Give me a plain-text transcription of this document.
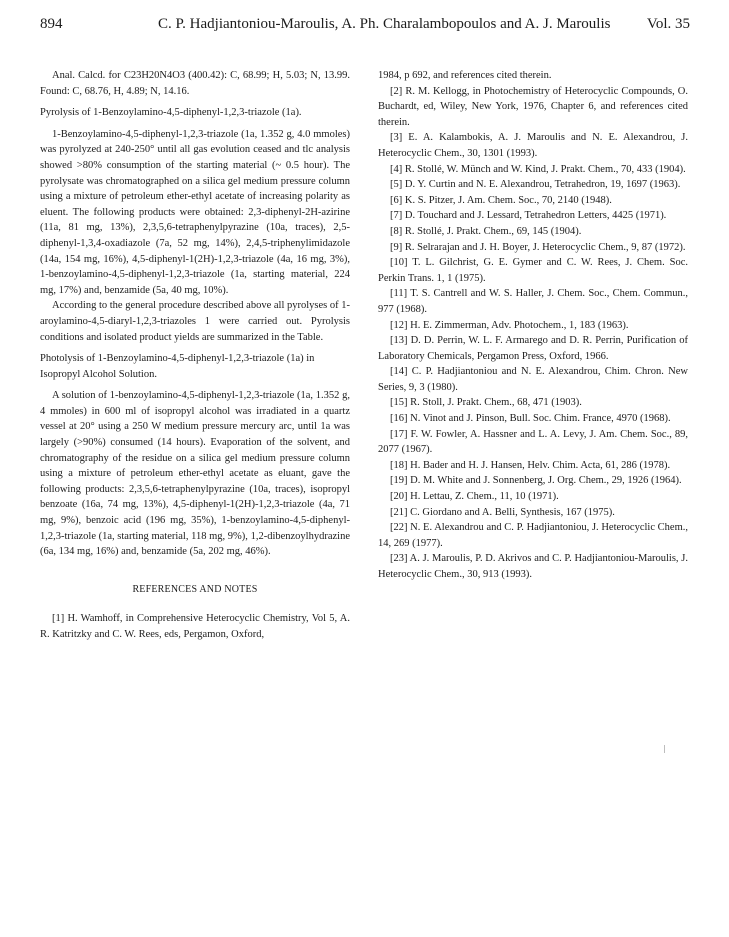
894	C. P. Hadjiantoniou-Maroulis, A. Ph. Charalambopoulos and A. J. Maroulis Vol. 35

Anal. Calcd. for C23H20N4O3 (400.42): C, 68.99; H, 5.03; N, 13.99. Found: C, 68.76, H, 4.89; N, 14.16.

Pyrolysis of 1-Benzoylamino-4,5-diphenyl-1,2,3-triazole (1a).

1-Benzoylamino-4,5-diphenyl-1,2,3-triazole (1a, 1.352 g, 4.0 mmoles) was pyrolyzed at 240-250° until all gas evolution ceased and tlc analysis showed >80% consumption of the starting material (~ 0.5 hour). The pyrolysate was chromatographed on a silica gel medium pressure column using a mixture of petroleum ether-ethyl acetate of increasing polarity as eluent. The following products were obtained: 2,3-diphenyl-2H-azirine (11a, 81 mg, 13%), 2,3,5,6-tetraphenylpyrazine (10a, traces), 2,5-diphenyl-1,3,4-oxadiazole (7a, 52 mg, 14%), 2,4,5-triphenylimidazole (14a, 154 mg, 16%), 4,5-diphenyl-1(2H)-1,2,3-triazole (4a, 16 mg, 3%), 1-benzoylamino-4,5-diphenyl-1,2,3-triazole (1a, starting material, 224 mg, 17%) and, benzamide (5a, 40 mg, 10%).

According to the general procedure described above all pyrolyses of 1-aroylamino-4,5-diaryl-1,2,3-triazoles 1 were carried out. Pyrolysis conditions and isolated product yields are summarized in the Table.

Photolysis of 1-Benzoylamino-4,5-diphenyl-1,2,3-triazole (1a) in Isopropyl Alcohol Solution.

A solution of 1-benzoylamino-4,5-diphenyl-1,2,3-triazole (1a, 1.352 g, 4 mmoles) in 600 ml of isopropyl alcohol was irradiated in a quartz vessel at 20° using a 250 W medium pressure mercury arc, until 1a was largely (>90%) consumed (14 hours). Evaporation of the solvent, and chromatography of the residue on a silica gel medium pressure column using a mixture of petroleum ether-ethyl acetate as eluant, gave the following products: 2,3,5,6-tetraphenylpyrazine (10a, traces), isopropyl benzoate (16a, 74 mg, 13%), 4,5-diphenyl-1(2H)-1,2,3-triazole (4a, 71 mg, 9%), benzoic acid (196 mg, 35%), 1-benzoylamino-4,5-diphenyl-1,2,3-triazole (1a, starting material, 118 mg, 9%), 1,2-dibenzoylhydrazine (6a, 134 mg, 16%) and, benzamide (5a, 202 mg, 46%).

REFERENCES AND NOTES

[1] H. Wamhoff, in Comprehensive Heterocyclic Chemistry, Vol 5, A. R. Katritzky and C. W. Rees, eds, Pergamon, Oxford,

1984, p 692, and references cited therein.

[2] R. M. Kellogg, in Photochemistry of Heterocyclic Compounds, O. Buchardt, ed, Wiley, New York, 1976, Chapter 6, and references cited therein.

[3] E. A. Kalambokis, A. J. Maroulis and N. E. Alexandrou, J. Heterocyclic Chem., 30, 1301 (1993).

[4] R. Stollé, W. Münch and W. Kind, J. Prakt. Chem., 70, 433 (1904).

[5] D. Y. Curtin and N. E. Alexandrou, Tetrahedron, 19, 1697 (1963).

[6] K. S. Pitzer, J. Am. Chem. Soc., 70, 2140 (1948).

[7] D. Touchard and J. Lessard, Tetrahedron Letters, 4425 (1971).

[8] R. Stollé, J. Prakt. Chem., 69, 145 (1904).

[9] R. Selrarajan and J. H. Boyer, J. Heterocyclic Chem., 9, 87 (1972).

[10] T. L. Gilchrist, G. E. Gymer and C. W. Rees, J. Chem. Soc. Perkin Trans. 1, 1 (1975).

[11] T. S. Cantrell and W. S. Haller, J. Chem. Soc., Chem. Commun., 977 (1968).

[12] H. E. Zimmerman, Adv. Photochem., 1, 183 (1963).

[13] D. D. Perrin, W. L. F. Armarego and D. R. Perrin, Purification of Laboratory Chemicals, Pergamon Press, Oxford, 1966.

[14] C. P. Hadjiantoniou and N. E. Alexandrou, Chim. Chron. New Series, 9, 3 (1980).

[15] R. Stoll, J. Prakt. Chem., 68, 471 (1903).

[16] N. Vinot and J. Pinson, Bull. Soc. Chim. France, 4970 (1968).

[17] F. W. Fowler, A. Hassner and L. A. Levy, J. Am. Chem. Soc., 89, 2077 (1967).

[18] H. Bader and H. J. Hansen, Helv. Chim. Acta, 61, 286 (1978).

[19] D. M. White and J. Sonnenberg, J. Org. Chem., 29, 1926 (1964).

[20] H. Lettau, Z. Chem., 11, 10 (1971).

[21] C. Giordano and A. Belli, Synthesis, 167 (1975).

[22] N. E. Alexandrou and C. P. Hadjiantoniou, J. Heterocyclic Chem., 14, 269 (1977).

[23] A. J. Maroulis, P. D. Akrivos and C. P. Hadjiantoniou-Maroulis, J. Heterocyclic Chem., 30, 913 (1993).
